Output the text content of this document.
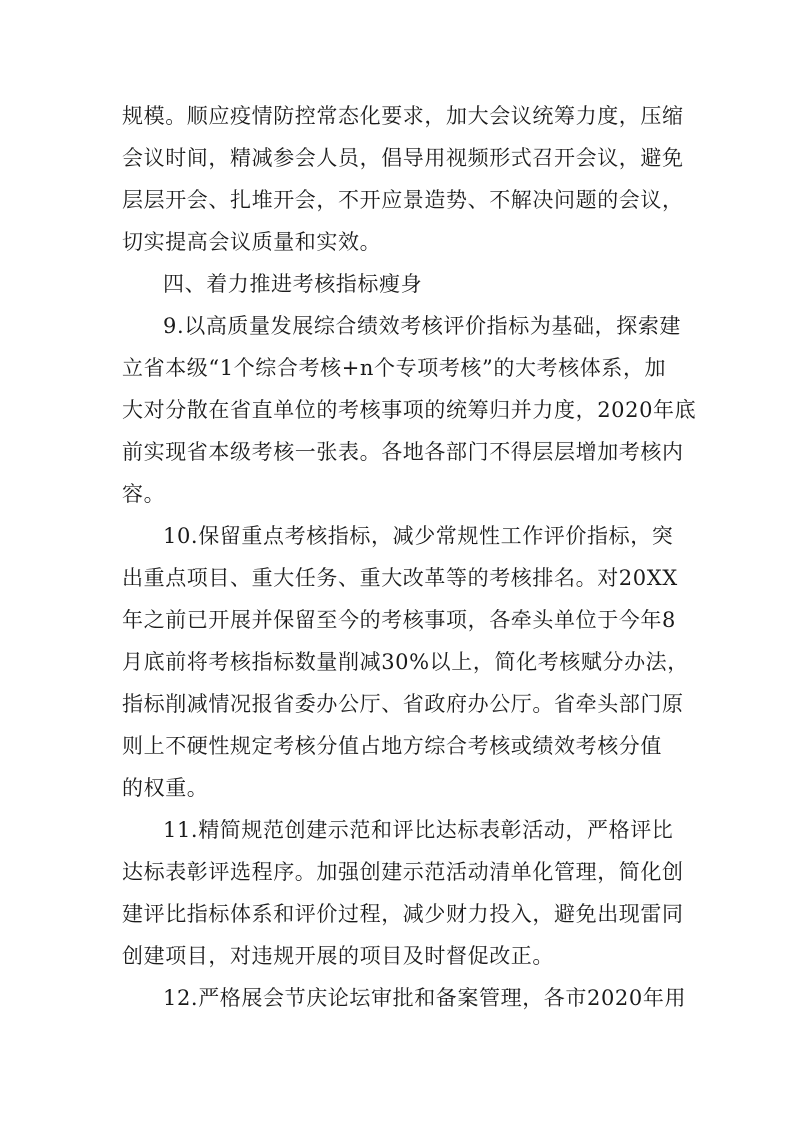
规模。顺应疫情防控常态化要求，加大会议统筹力度，压缩
会议时间，精减参会人员，倡导用视频形式召开会议，避免
层层开会、扎堆开会，不开应景造势、不解决问题的会议，
切实提高会议质量和实效。
四、着力推进考核指标瘦身
9.以高质量发展综合绩效考核评价指标为基础，探索建
立省本级“1个综合考核+n个专项考核”的大考核体系，加
大对分散在省直单位的考核事项的统筹归并力度，2020年底
前实现省本级考核一张表。各地各部门不得层层增加考核内
容。
10.保留重点考核指标，减少常规性工作评价指标，突
出重点项目、重大任务、重大改革等的考核排名。对20XX
年之前已开展并保留至今的考核事项，各牵头单位于今年8
月底前将考核指标数量削减30%以上，简化考核赋分办法，
指标削减情况报省委办公厅、省政府办公厅。省牵头部门原
则上不硬性规定考核分值占地方综合考核或绩效考核分值
的权重。
11.精简规范创建示范和评比达标表彰活动，严格评比
达标表彰评选程序。加强创建示范活动清单化管理，简化创
建评比指标体系和评价过程，减少财力投入，避免出现雷同
创建项目，对违规开展的项目及时督促改正。
12.严格展会节庆论坛审批和备案管理，各市2020年用
